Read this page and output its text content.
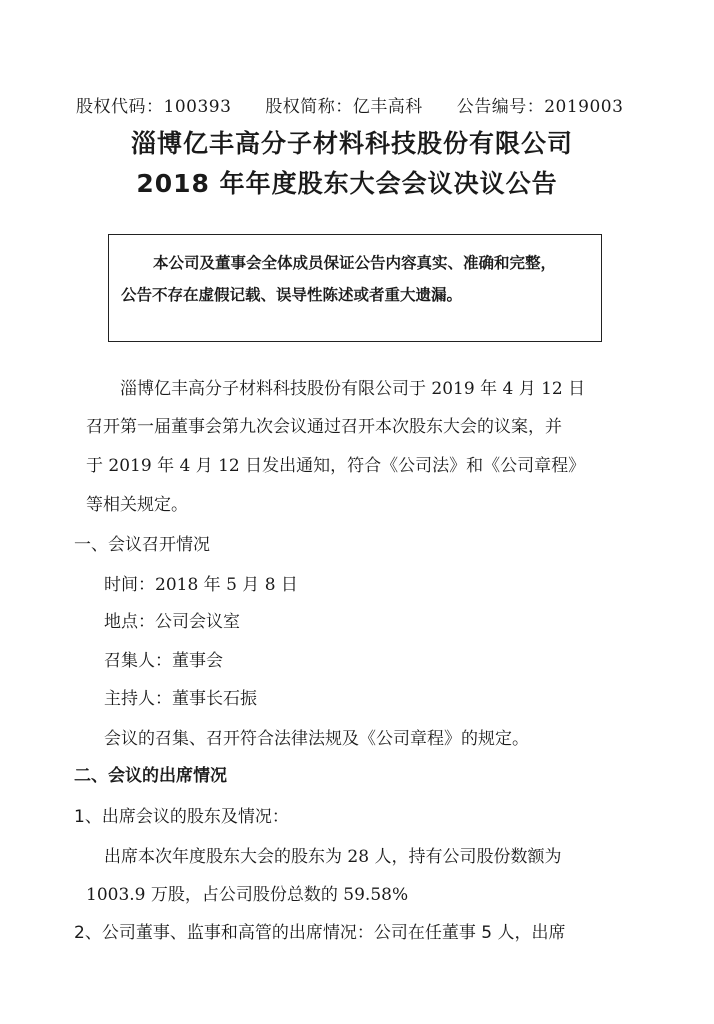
股权代码：100393 股权简称：亿丰高科 公告编号：2019003
淄博亿丰高分子材料科技股份有限公司
2018 年年度股东大会会议决议公告
本公司及董事会全体成员保证公告内容真实、准确和完整，
公告不存在虚假记载、误导性陈述或者重大遗漏。
淄博亿丰高分子材料科技股份有限公司于 2019 年 4 月 12 日
召开第一届董事会第九次会议通过召开本次股东大会的议案，并
于 2019 年 4 月 12 日发出通知，符合《公司法》和《公司章程》
等相关规定。
一、会议召开情况
时间：2018 年 5 月 8 日
地点：公司会议室
召集人：董事会
主持人：董事长石振
会议的召集、召开符合法律法规及《公司章程》的规定。
二、会议的出席情况
1、出席会议的股东及情况：
出席本次年度股东大会的股东为 28 人，持有公司股份数额为
1003.9 万股，占公司股份总数的 59.58%
2、公司董事、监事和高管的出席情况：公司在任董事 5 人，出席
